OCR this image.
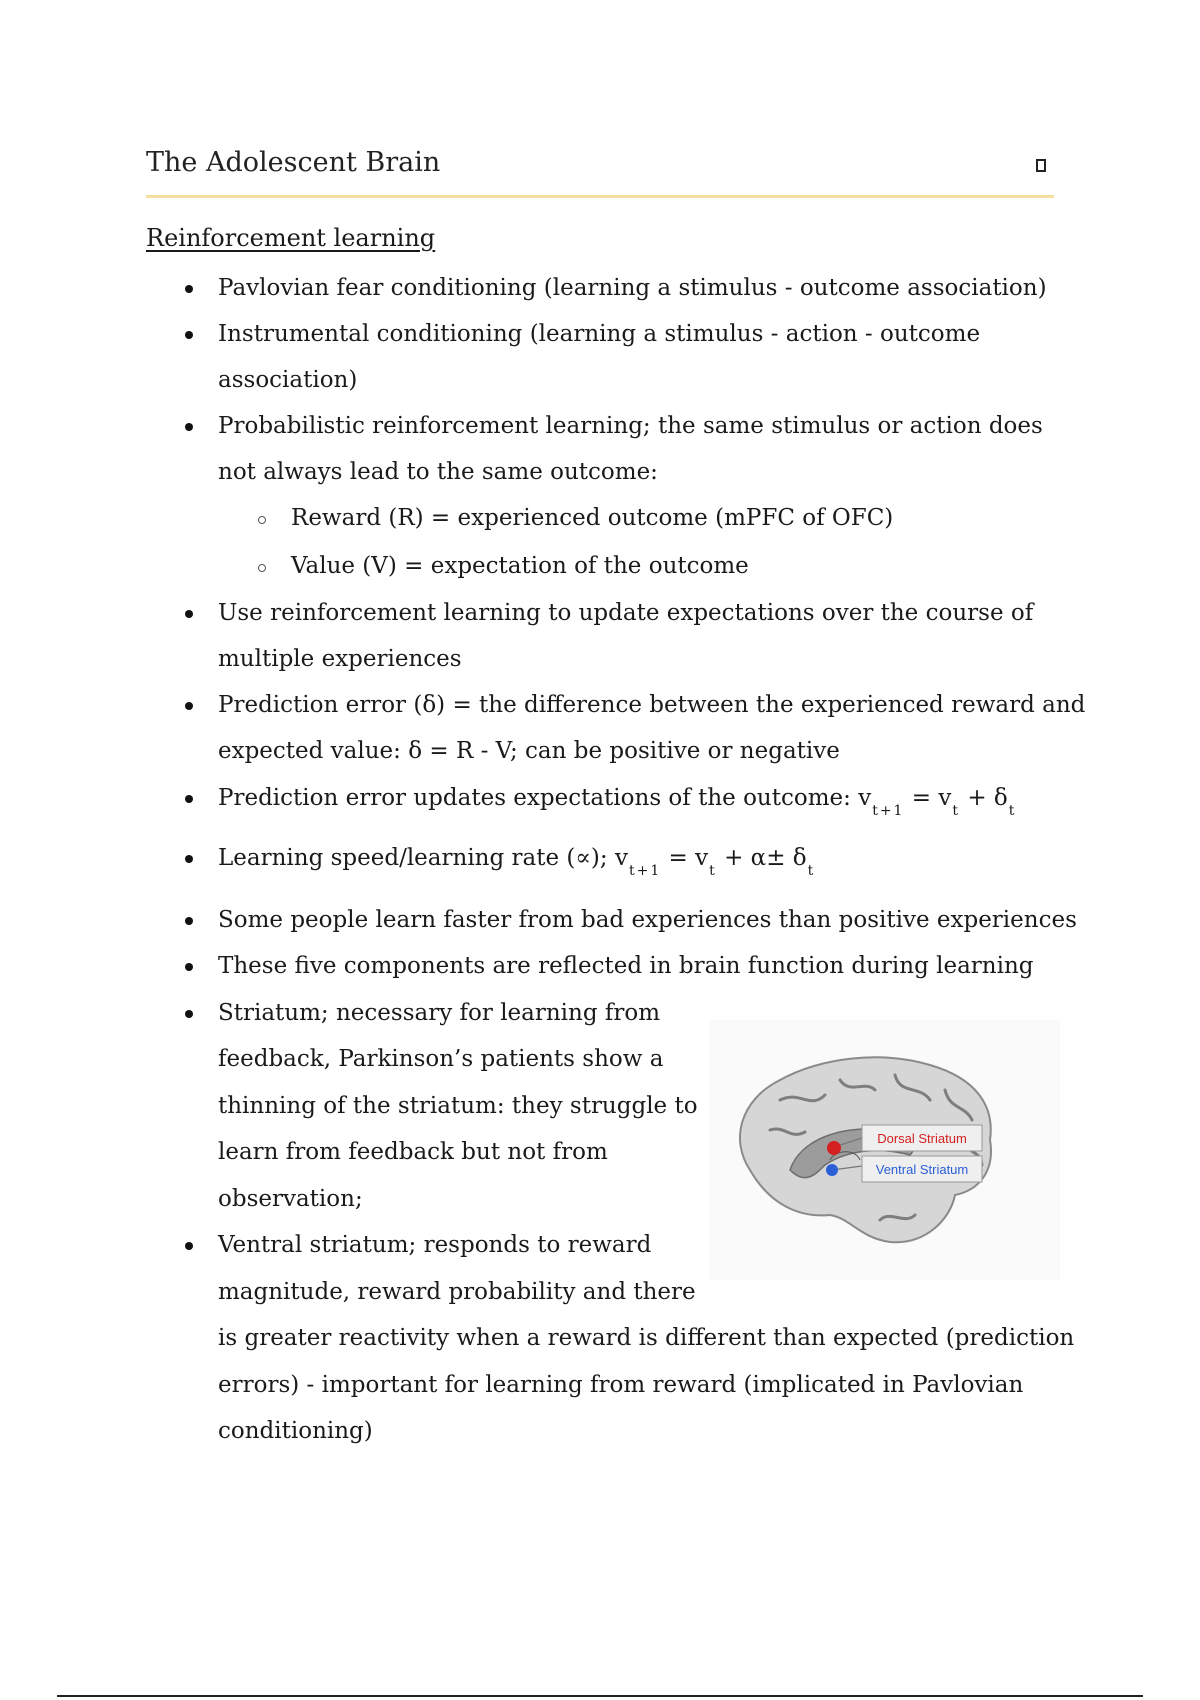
The Adolescent Brain
Reinforcement learning
Pavlovian fear conditioning (learning a stimulus - outcome association)
Instrumental conditioning (learning a stimulus - action - outcome
association)
Probabilistic reinforcement learning; the same stimulus or action does
not always lead to the same outcome:
Reward (R) = experienced outcome (mPFC of OFC)
Value (V) = expectation of the outcome
Use reinforcement learning to update expectations over the course of
multiple experiences
Prediction error (δ) = the difference between the experienced reward and
expected value: δ = R - V; can be positive or negative
Prediction error updates expectations of the outcome: $v_{t+1} = v_t + \delta_t$
Learning speed/learning rate (∝); $v_{t+1} = v_t + \alpha\pm \delta_t$
Some people learn faster from bad experiences than positive experiences
These five components are reflected in brain function during learning
Striatum; necessary for learning from
feedback, Parkinson’s patients show a
thinning of the striatum: they struggle to
learn from feedback but not from
observation;
Ventral striatum; responds to reward
magnitude, reward probability and there
is greater reactivity when a reward is different than expected (prediction
errors) - important for learning from reward (implicated in Pavlovian
conditioning)
Dorsal Striatum
Ventral Striatum
